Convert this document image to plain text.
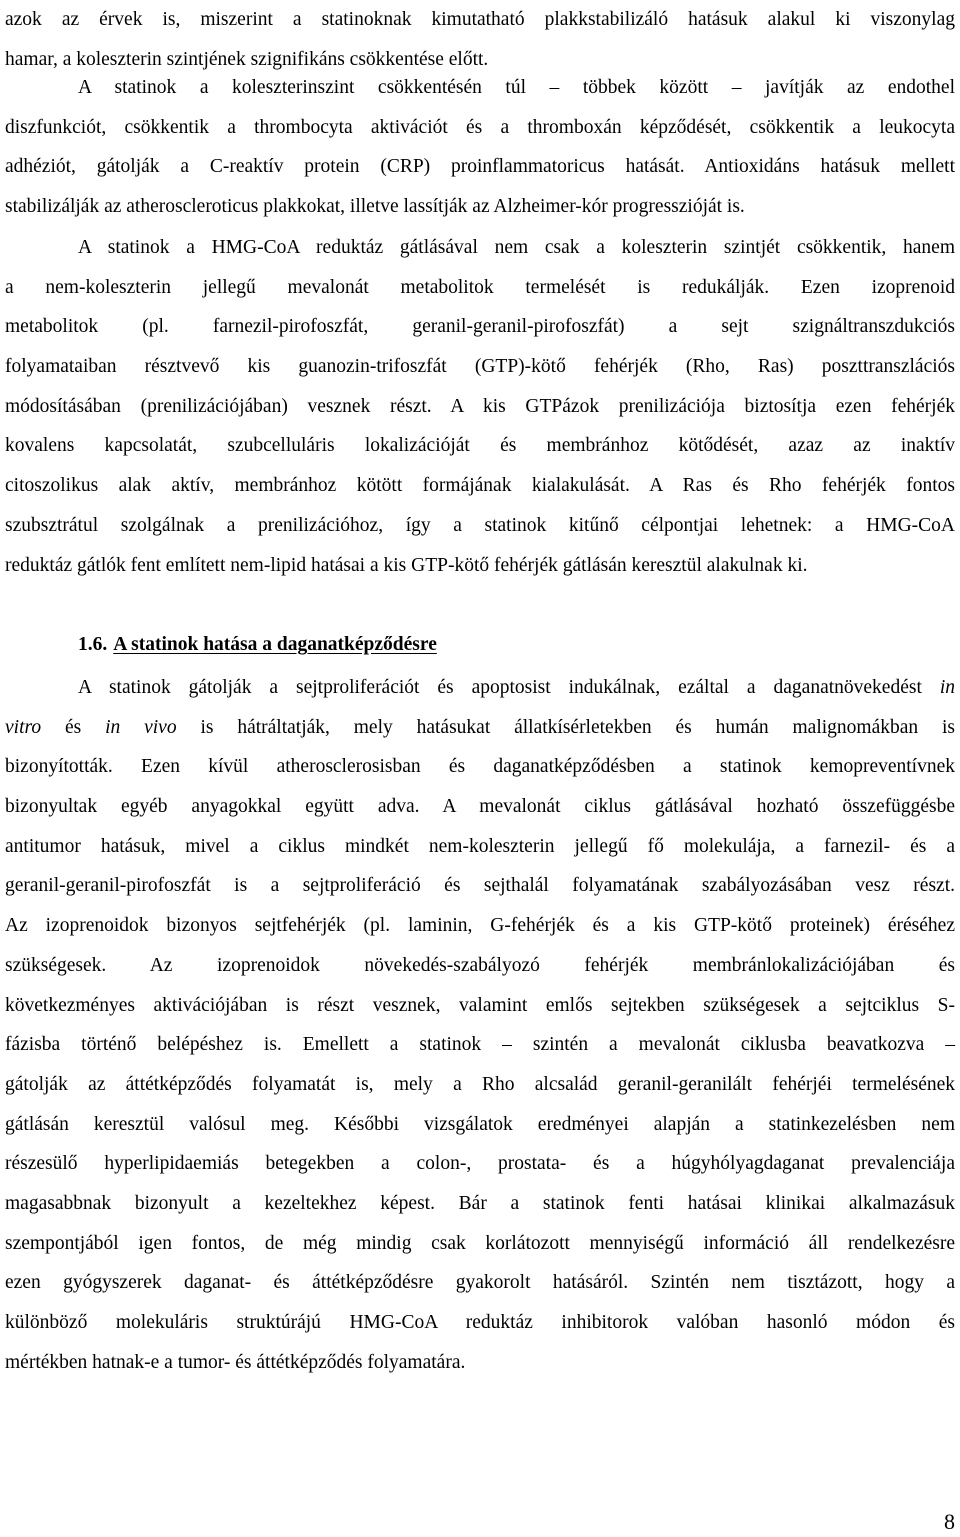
azok az érvek is, miszerint a statinoknak kimutatható plakkstabilizáló hatásuk alakul ki viszonylag
hamar, a koleszterin szintjének szignifikáns csökkentése előtt.
A statinok a koleszterinszint csökkentésén túl – többek között – javítják az endothel
diszfunkciót, csökkentik a thrombocyta aktivációt és a thromboxán képződését, csökkentik a leukocyta
adhéziót, gátolják a C-reaktív protein (CRP) proinflammatoricus hatását. Antioxidáns hatásuk mellett
stabilizálják az atheroscleroticus plakkokat, illetve lassítják az Alzheimer-kór progresszióját is.
A statinok a HMG-CoA reduktáz gátlásával nem csak a koleszterin szintjét csökkentik, hanem
a nem-koleszterin jellegű mevalonát metabolitok termelését is redukálják. Ezen izoprenoid
metabolitok (pl. farnezil-pirofoszfát, geranil-geranil-pirofoszfát) a sejt szignáltranszdukciós
folyamataiban résztvevő kis guanozin-trifoszfát (GTP)-kötő fehérjék (Rho, Ras) poszttranszlációs
módosításában (prenilizációjában) vesznek részt. A kis GTPázok prenilizációja biztosítja ezen fehérjék
kovalens kapcsolatát, szubcelluláris lokalizációját és membránhoz kötődését, azaz az inaktív
citoszolikus alak aktív, membránhoz kötött formájának kialakulását. A Ras és Rho fehérjék fontos
szubsztrátul szolgálnak a prenilizációhoz, így a statinok kitűnő célpontjai lehetnek: a HMG-CoA
reduktáz gátlók fent említett nem-lipid hatásai a kis GTP-kötő fehérjék gátlásán keresztül alakulnak ki.
1.6. A statinok hatása a daganatképződésre
A statinok gátolják a sejtproliferációt és apoptosist indukálnak, ezáltal a daganatnövekedést in
vitro és in vivo is hátráltatják, mely hatásukat állatkísérletekben és humán malignomákban is
bizonyították. Ezen kívül atherosclerosisban és daganatképződésben a statinok kemopreventívnek
bizonyultak egyéb anyagokkal együtt adva. A mevalonát ciklus gátlásával hozható összefüggésbe
antitumor hatásuk, mivel a ciklus mindkét nem-koleszterin jellegű fő molekulája, a farnezil- és a
geranil-geranil-pirofoszfát is a sejtproliferáció és sejthalál folyamatának szabályozásában vesz részt.
Az izoprenoidok bizonyos sejtfehérjék (pl. laminin, G-fehérjék és a kis GTP-kötő proteinek) éréséhez
szükségesek. Az izoprenoidok növekedés-szabályozó fehérjék membránlokalizációjában és
következményes aktivációjában is részt vesznek, valamint emlős sejtekben szükségesek a sejtciklus S-
fázisba történő belépéshez is. Emellett a statinok – szintén a mevalonát ciklusba beavatkozva –
gátolják az áttétképződés folyamatát is, mely a Rho alcsalád geranil-geranilált fehérjéi termelésének
gátlásán keresztül valósul meg. Későbbi vizsgálatok eredményei alapján a statinkezelésben nem
részesülő hyperlipidaemiás betegekben a colon-, prostata- és a húgyhólyagdaganat prevalenciája
magasabbnak bizonyult a kezeltekhez képest. Bár a statinok fenti hatásai klinikai alkalmazásuk
szempontjából igen fontos, de még mindig csak korlátozott mennyiségű információ áll rendelkezésre
ezen gyógyszerek daganat- és áttétképződésre gyakorolt hatásáról. Szintén nem tisztázott, hogy a
különböző molekuláris struktúrájú HMG-CoA reduktáz inhibitorok valóban hasonló módon és
mértékben hatnak-e a tumor- és áttétképződés folyamatára.
8
